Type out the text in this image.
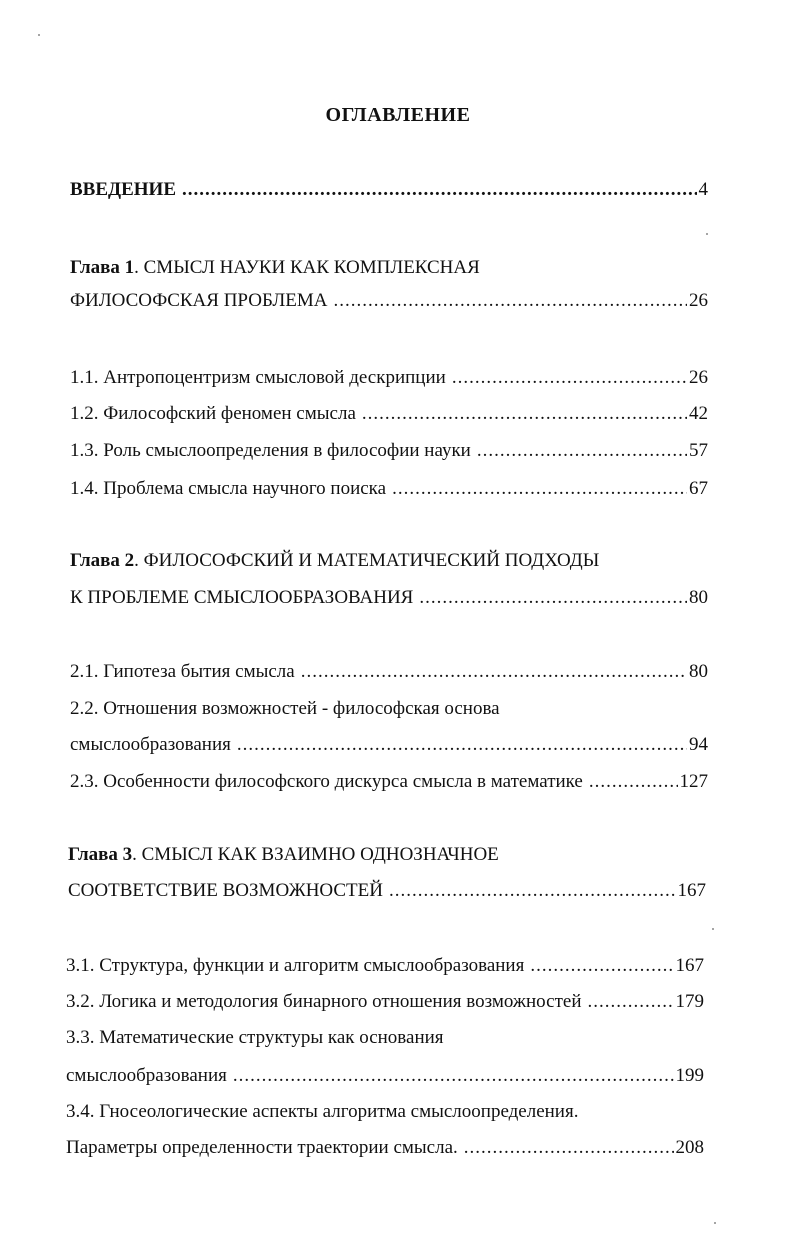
ОГЛАВЛЕНИЕ
ВВЕДЕНИЕ .....	4
Глава 1. СМЫСЛ НАУКИ КАК КОМПЛЕКСНАЯ
ФИЛОСОФСКАЯ ПРОБЛЕМА .....	26
1.1. Антропоцентризм смысловой дескрипции .....	26
1.2. Философский феномен смысла .....	42
1.3. Роль смыслоопределения в философии науки .....	57
1.4. Проблема смысла научного поиска .....	67
Глава 2. ФИЛОСОФСКИЙ И МАТЕМАТИЧЕСКИЙ ПОДХОДЫ
К ПРОБЛЕМЕ СМЫСЛООБРАЗОВАНИЯ .....	80
2.1. Гипотеза бытия смысла .....	80
2.2. Отношения возможностей - философская основа
смыслообразования .....	94
2.3. Особенности философского дискурса смысла в математике .....	127
Глава 3. СМЫСЛ КАК ВЗАИМНО ОДНОЗНАЧНОЕ
СООТВЕТСТВИЕ ВОЗМОЖНОСТЕЙ .....	167
3.1. Структура, функции и алгоритм смыслообразования .....	167
3.2. Логика и методология бинарного отношения возможностей .....	179
3.3. Математические структуры как основания
смыслообразования .....	199
3.4. Гносеологические аспекты алгоритма смыслоопределения.
Параметры определенности траектории смысла. .....	208
